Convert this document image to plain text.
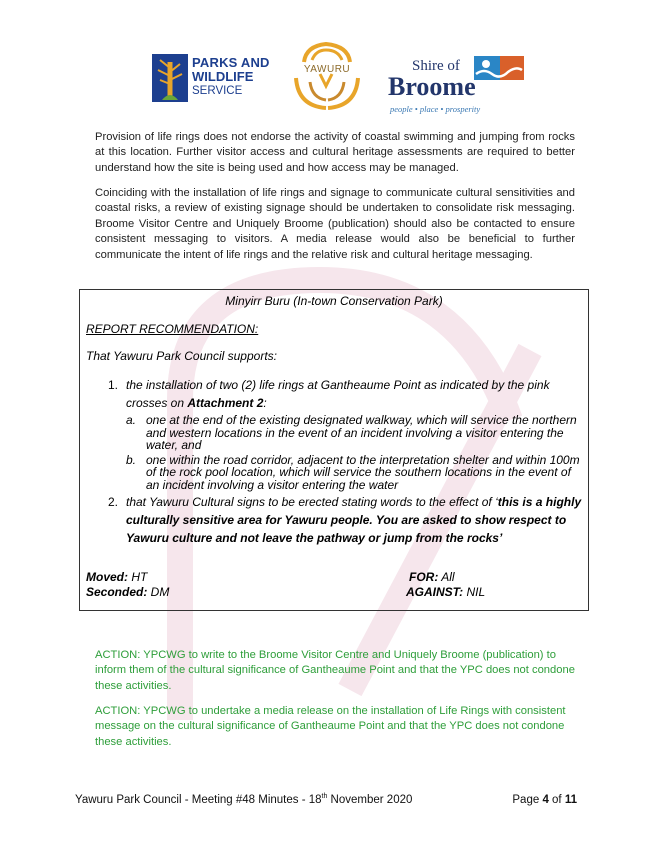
PARKS AND
WILDLIFE
SERVICE
YAWURU	Shire of
Broome
people • place • prosperity

Provision of life rings does not endorse the activity of coastal swimming and jumping from rocks at this location. Further visitor access and cultural heritage assessments are required to better understand how the site is being used and how access may be managed.

Coinciding with the installation of life rings and signage to communicate cultural sensitivities and coastal risks, a review of existing signage should be undertaken to consolidate risk messaging. Broome Visitor Centre and Uniquely Broome (publication) should also be contacted to ensure consistent messaging to visitors. A media release would also be beneficial to further communicate the intent of life rings and the relative risk and cultural heritage messaging.

Minyirr Buru (In-town Conservation Park)
REPORT RECOMMENDATION:
That Yawuru Park Council supports:
1. the installation of two (2) life rings at Gantheaume Point as indicated by the pink crosses on Attachment 2:
a. one at the end of the existing designated walkway, which will service the northern and western locations in the event of an incident involving a visitor entering the water, and
b. one within the road corridor, adjacent to the interpretation shelter and within 100m of the rock pool location, which will service the southern locations in the event of an incident involving a visitor entering the water
2. that Yawuru Cultural signs to be erected stating words to the effect of ‘this is a highly culturally sensitive area for Yawuru people. You are asked to show respect to Yawuru culture and not leave the pathway or jump from the rocks’
Moved: HT	FOR: All
Seconded: DM	AGAINST: NIL

ACTION: YPCWG to write to the Broome Visitor Centre and Uniquely Broome (publication) to inform them of the cultural significance of Gantheaume Point and that the YPC does not condone these activities.

ACTION: YPCWG to undertake a media release on the installation of Life Rings with consistent message on the cultural significance of Gantheaume Point and that the YPC does not condone these activities.

Yawuru Park Council - Meeting #48 Minutes - 18th November 2020	Page 4 of 11
